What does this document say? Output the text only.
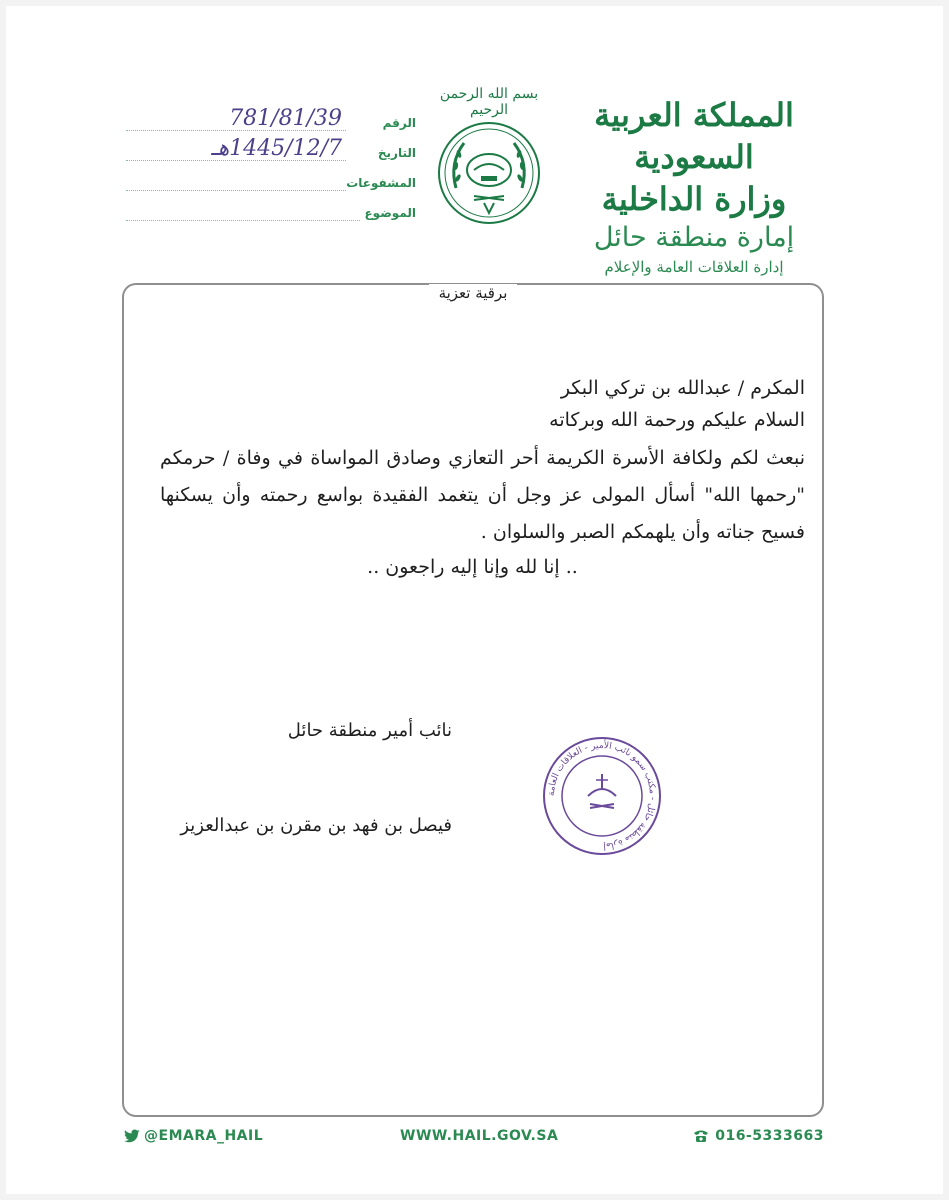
المملكة العربية السعودية
وزارة الداخلية
إمارة منطقة حائل
إدارة العلاقات العامة والإعلام
بسم الله الرحمن الرحيم
الرقم
781/81/39
التاريخ
1445/12/7هـ
المشفوعات
الموضوع
برقية تعزية

المكرم / عبدالله بن تركي البكر

السلام عليكم ورحمة الله وبركاته

نبعث لكم ولكافة الأسرة الكريمة أحر التعازي وصادق المواساة في وفاة / حرمكم "رحمها الله" أسأل المولى عز وجل أن يتغمد الفقيدة بواسع رحمته وأن يسكنها فسيح جناته وأن يلهمكم الصبر والسلوان .

.. إنا لله وإنا إليه راجعون ..

نائب أمير منطقة حائل
فيصل بن فهد بن مقرن بن عبدالعزيز
إمارة منطقة حائل - مكتب سمو نائب الأمير - العلاقات العامة
@EMARA_HAIL	WWW.HAIL.GOV.SA	016-5333663
